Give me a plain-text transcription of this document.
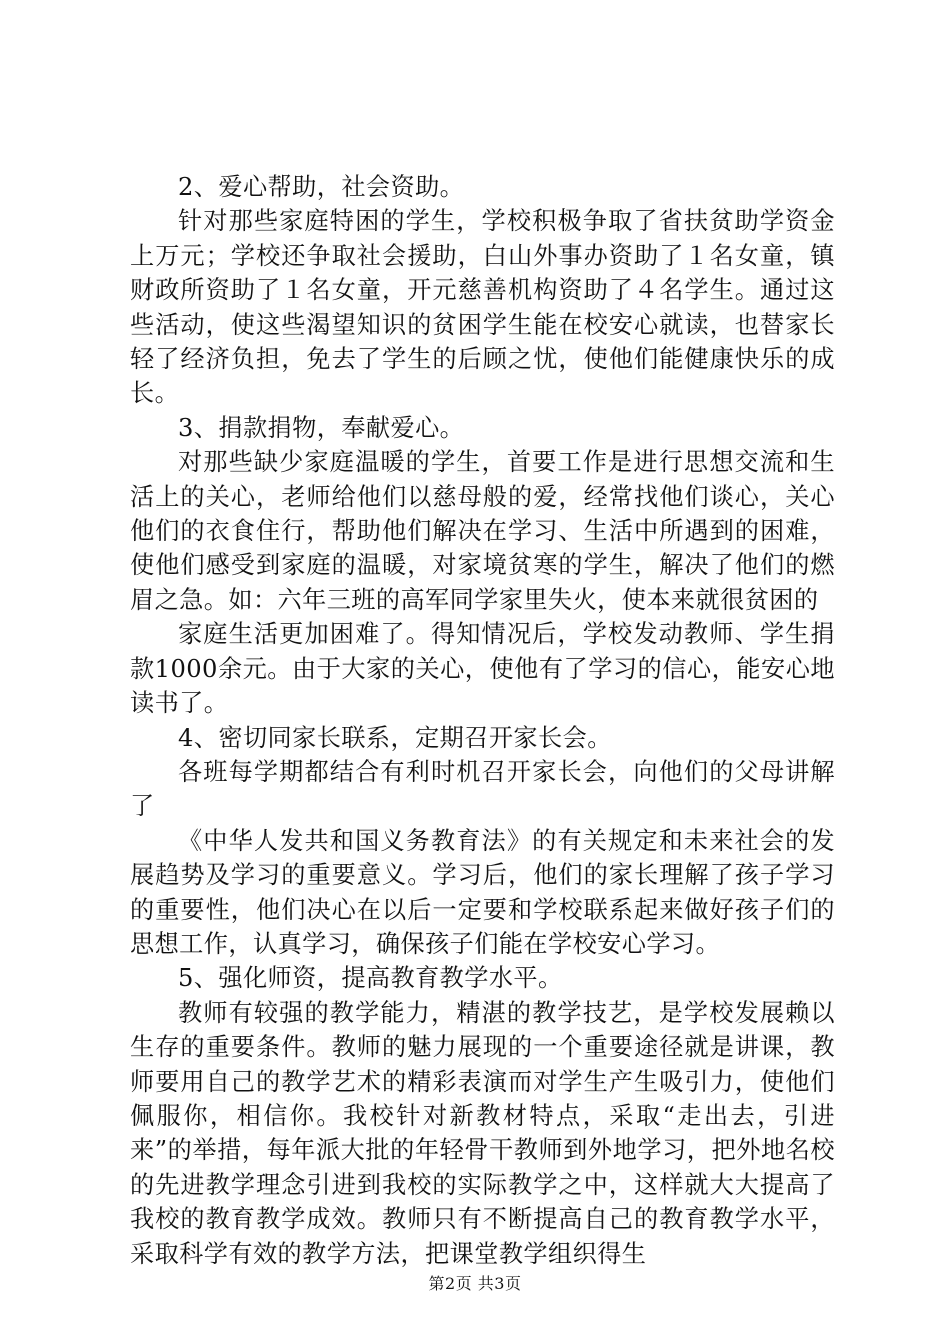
2、爱心帮助，社会资助。

针对那些家庭特困的学生，学校积极争取了省扶贫助学资金上万元；学校还争取社会援助，白山外事办资助了１名女童，镇财政所资助了１名女童，开元慈善机构资助了４名学生。通过这些活动，使这些渴望知识的贫困学生能在校安心就读，也替家长轻了经济负担，免去了学生的后顾之忧，使他们能健康快乐的成长。

3、捐款捐物，奉献爱心。

对那些缺少家庭温暖的学生，首要工作是进行思想交流和生活上的关心，老师给他们以慈母般的爱，经常找他们谈心，关心他们的衣食住行，帮助他们解决在学习、生活中所遇到的困难，使他们感受到家庭的温暖，对家境贫寒的学生，解决了他们的燃眉之急。如：六年三班的高军同学家里失火，使本来就很贫困的

家庭生活更加困难了。得知情况后，学校发动教师、学生捐款1000余元。由于大家的关心，使他有了学习的信心，能安心地读书了。

4、密切同家长联系，定期召开家长会。

各班每学期都结合有利时机召开家长会，向他们的父母讲解了

《中华人发共和国义务教育法》的有关规定和未来社会的发展趋势及学习的重要意义。学习后，他们的家长理解了孩子学习的重要性，他们决心在以后一定要和学校联系起来做好孩子们的思想工作，认真学习，确保孩子们能在学校安心学习。

5、强化师资，提高教育教学水平。

教师有较强的教学能力，精湛的教学技艺，是学校发展赖以生存的重要条件。教师的魅力展现的一个重要途径就是讲课，教师要用自己的教学艺术的精彩表演而对学生产生吸引力，使他们佩服你，相信你。我校针对新教材特点，采取“走出去，引进来”的举措，每年派大批的年轻骨干教师到外地学习，把外地名校的先进教学理念引进到我校的实际教学之中，这样就大大提高了我校的教育教学成效。教师只有不断提高自己的教育教学水平，采取科学有效的教学方法，把课堂教学组织得生

第2页 共3页
